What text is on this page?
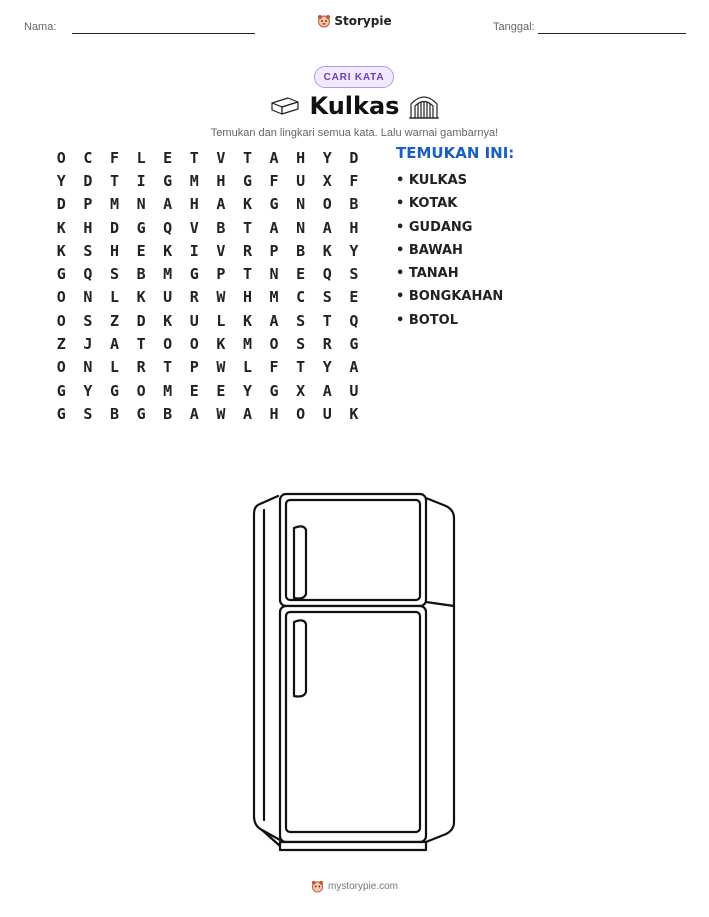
Nama:	Storypie	Tanggal:
CARI KATA
Kulkas
Temukan dan lingkari semua kata. Lalu warnai gambarnya!
O	C	F	L	E	T	V	T	A	H	Y	D
Y	D	T	I	G	M	H	G	F	U	X	F
D	P	M	N	A	H	A	K	G	N	O	B
K	H	D	G	Q	V	B	T	A	N	A	H
K	S	H	E	K	I	V	R	P	B	K	Y
G	Q	S	B	M	G	P	T	N	E	Q	S
O	N	L	K	U	R	W	H	M	C	S	E
O	S	Z	D	K	U	L	K	A	S	T	Q
Z	J	A	T	O	O	K	M	O	S	R	G
O	N	L	R	T	P	W	L	F	T	Y	A
G	Y	G	O	M	E	E	Y	G	X	A	U
G	S	B	G	B	A	W	A	H	O	U	K
TEMUKAN INI:
• KULKAS
• KOTAK
• GUDANG
• BAWAH
• TANAH
• BONGKAHAN
• BOTOL
mystorypie.com
